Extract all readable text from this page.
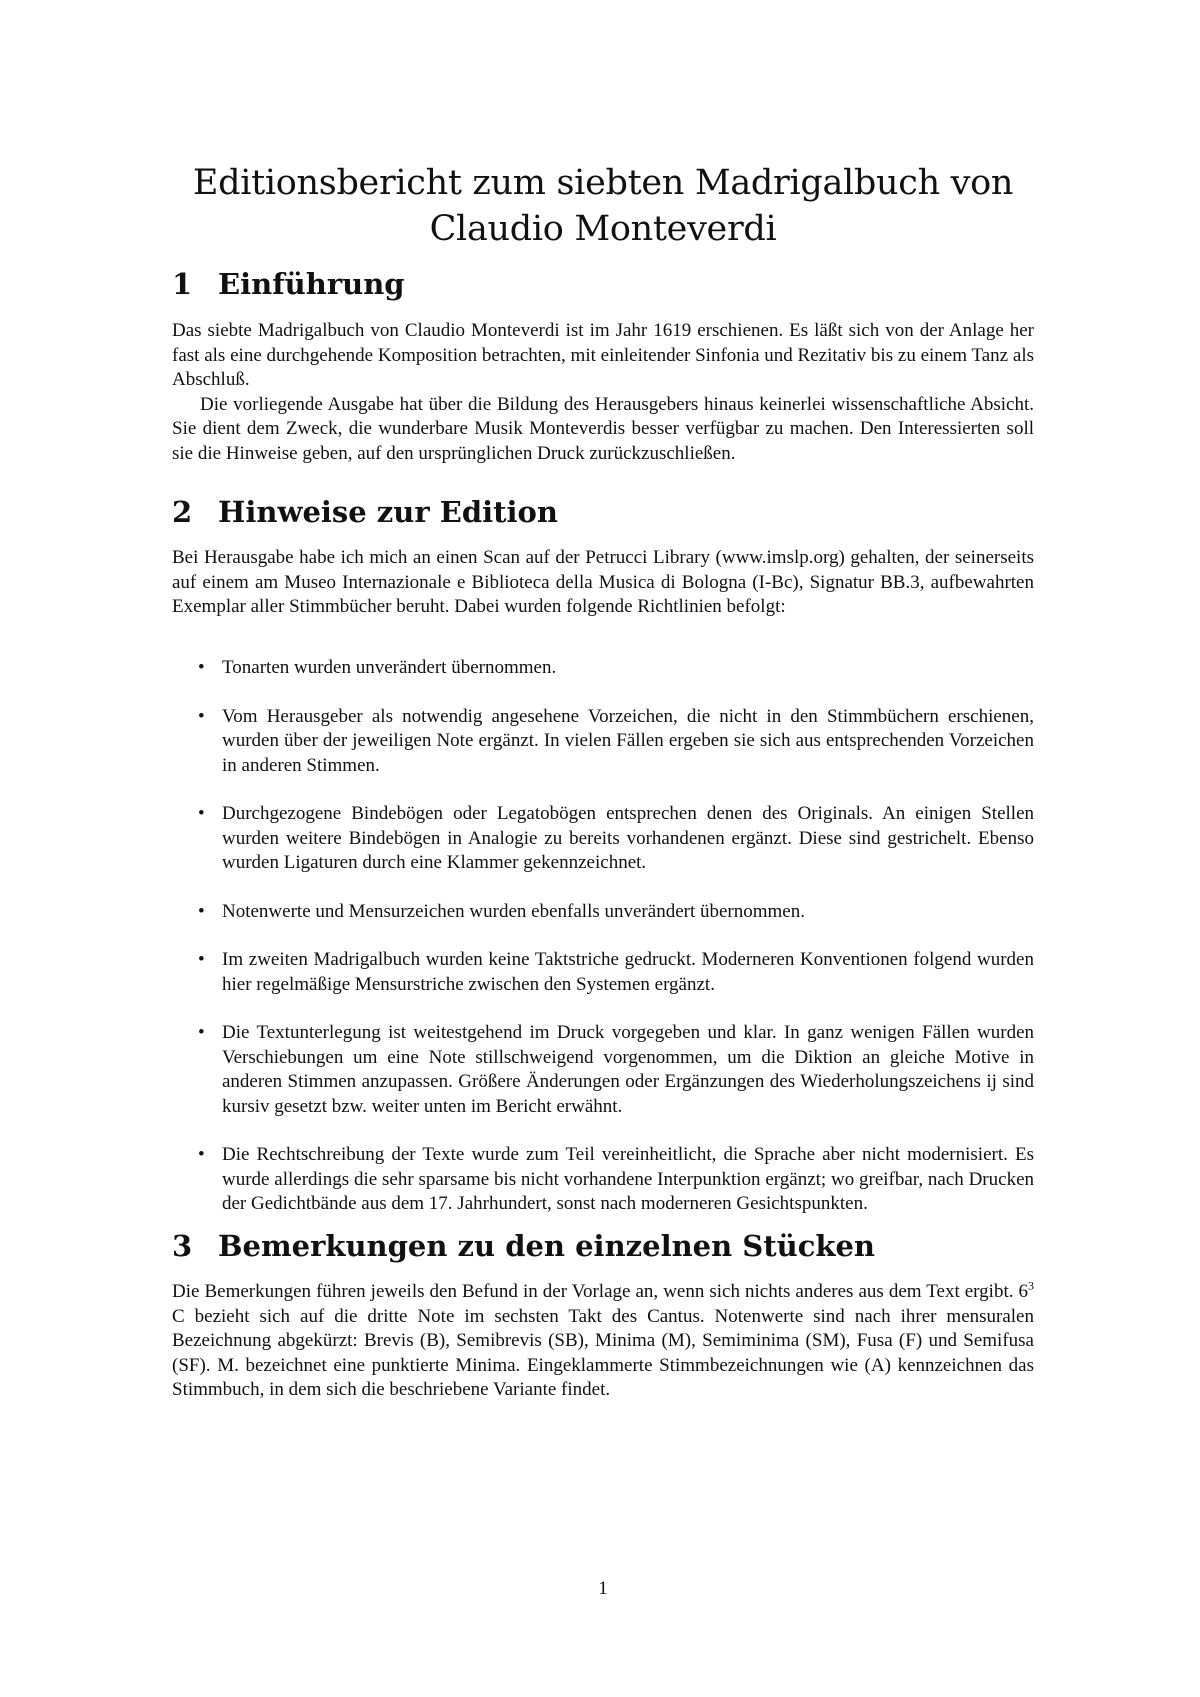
Editionsbericht zum siebten Madrigalbuch von
Claudio Monteverdi
1 Einführung

Das siebte Madrigalbuch von Claudio Monteverdi ist im Jahr 1619 erschienen. Es läßt sich von der Anlage her fast als eine durchgehende Komposition betrachten, mit einleitender Sinfonia und Rezitativ bis zu einem Tanz als Abschluß.

Die vorliegende Ausgabe hat über die Bildung des Herausgebers hinaus keinerlei wissenschaftliche Absicht. Sie dient dem Zweck, die wunderbare Musik Monteverdis besser verfügbar zu machen. Den Interessierten soll sie die Hinweise geben, auf den ursprünglichen Druck zurückzuschließen.

2 Hinweise zur Edition

Bei Herausgabe habe ich mich an einen Scan auf der Petrucci Library (www.imslp.org) gehalten, der seinerseits auf einem am Museo Internazionale e Biblioteca della Musica di Bologna (I-Bc), Signatur BB.3, aufbewahrten Exemplar aller Stimmbücher beruht. Dabei wurden folgende Richtlinien befolgt:

• Tonarten wurden unverändert übernommen.
• Vom Herausgeber als notwendig angesehene Vorzeichen, die nicht in den Stimmbüchern erschienen, wurden über der jeweiligen Note ergänzt. In vielen Fällen ergeben sie sich aus entsprechenden Vorzeichen in anderen Stimmen.
• Durchgezogene Bindebögen oder Legatobögen entsprechen denen des Originals. An einigen Stellen wurden weitere Bindebögen in Analogie zu bereits vorhandenen ergänzt. Diese sind gestrichelt. Ebenso wurden Ligaturen durch eine Klammer gekennzeichnet.
• Notenwerte und Mensurzeichen wurden ebenfalls unverändert übernommen.
• Im zweiten Madrigalbuch wurden keine Taktstriche gedruckt. Moderneren Konventionen folgend wurden hier regelmäßige Mensurstriche zwischen den Systemen ergänzt.
• Die Textunterlegung ist weitestgehend im Druck vorgegeben und klar. In ganz wenigen Fällen wurden Verschiebungen um eine Note stillschweigend vorgenommen, um die Diktion an gleiche Motive in anderen Stimmen anzupassen. Größere Änderungen oder Ergänzungen des Wiederholungszeichens ij sind kursiv gesetzt bzw. weiter unten im Bericht erwähnt.
• Die Rechtschreibung der Texte wurde zum Teil vereinheitlicht, die Sprache aber nicht modernisiert. Es wurde allerdings die sehr sparsame bis nicht vorhandene Interpunktion ergänzt; wo greifbar, nach Drucken der Gedichtbände aus dem 17. Jahrhundert, sonst nach moderneren Gesichtspunkten.
3 Bemerkungen zu den einzelnen Stücken

Die Bemerkungen führen jeweils den Befund in der Vorlage an, wenn sich nichts anderes aus dem Text ergibt. $6^3$ C bezieht sich auf die dritte Note im sechsten Takt des Cantus. Notenwerte sind nach ihrer mensuralen Bezeichnung abgekürzt: Brevis (B), Semibrevis (SB), Minima (M), Semiminima (SM), Fusa (F) und Semifusa (SF). M. bezeichnet eine punktierte Minima. Eingeklammerte Stimmbezeichnungen wie (A) kennzeichnen das Stimmbuch, in dem sich die beschriebene Variante findet.

1
